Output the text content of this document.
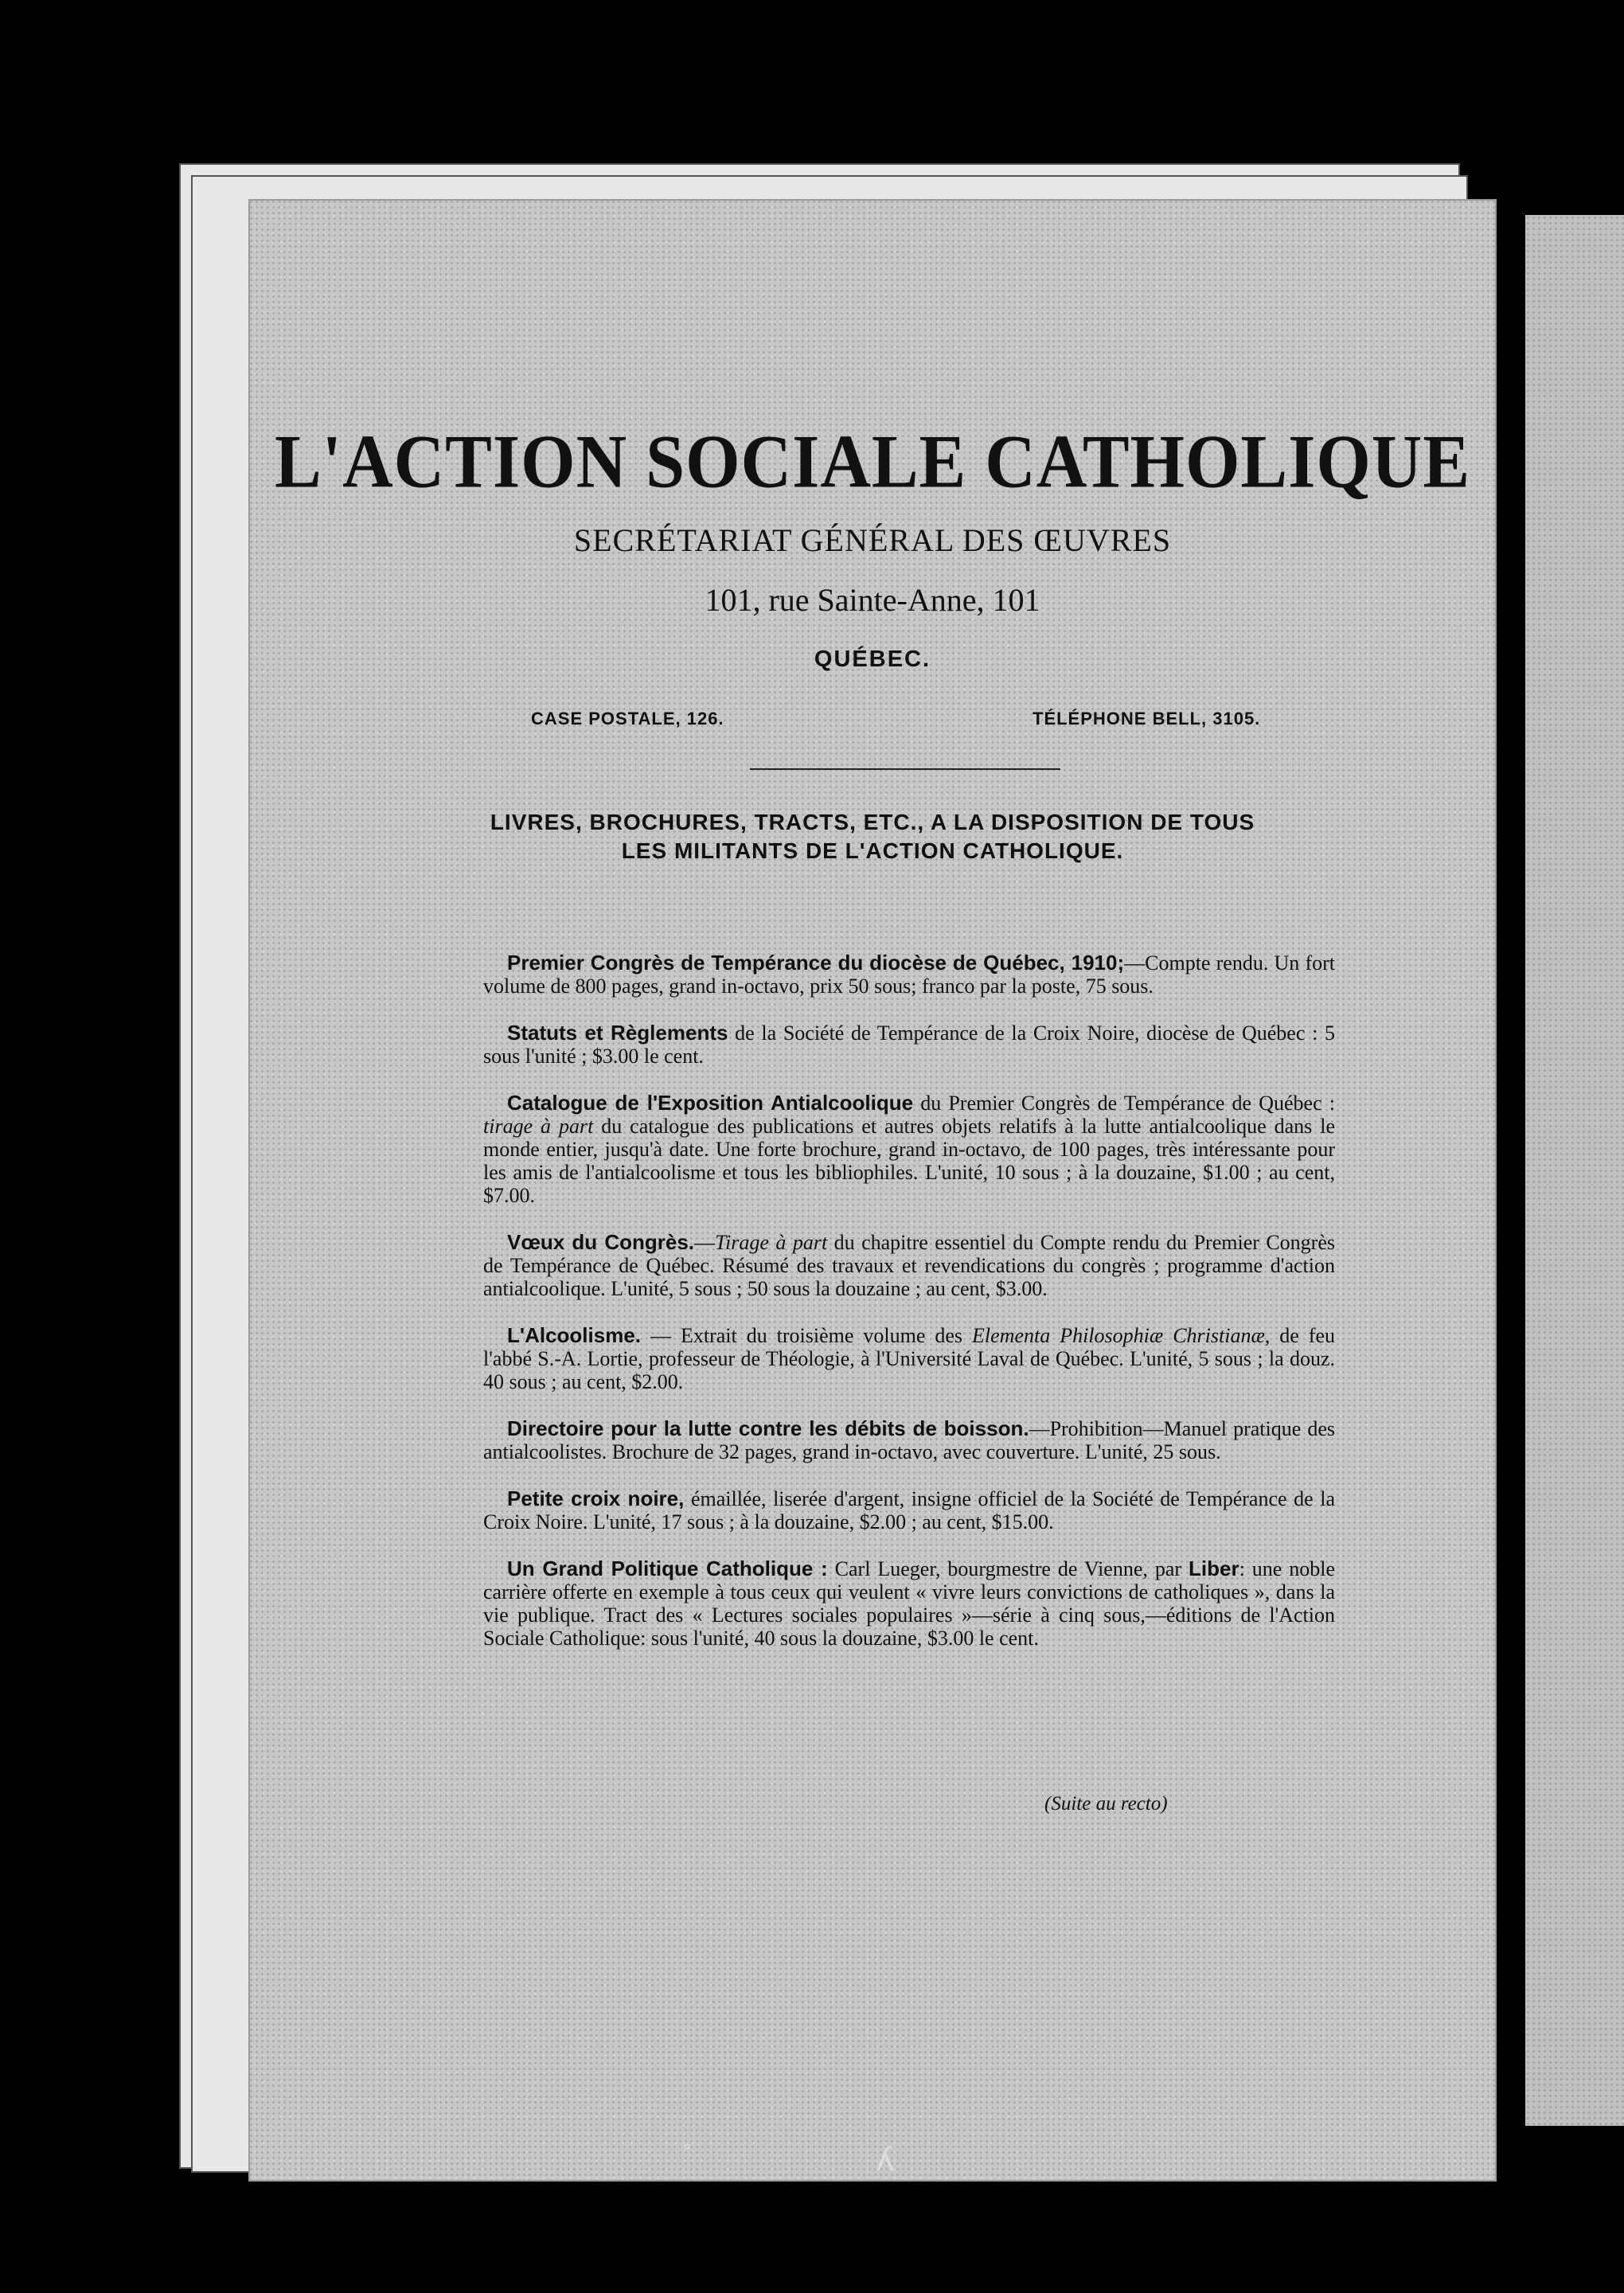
L'ACTION SOCIALE CATHOLIQUE
SECRÉTARIAT GÉNÉRAL DES ŒUVRES
101, rue Sainte-Anne, 101
QUÉBEC.
CASE POSTALE, 126.	TÉLÉPHONE BELL, 3105.
LIVRES, BROCHURES, TRACTS, ETC., A LA DISPOSITION DE TOUS
LES MILITANTS DE L'ACTION CATHOLIQUE.

Premier Congrès de Tempérance du diocèse de Québec, 1910;—Compte rendu. Un fort volume de 800 pages, grand in-octavo, prix 50 sous; franco par la poste, 75 sous.

Statuts et Règlements de la Société de Tempérance de la Croix Noire, diocèse de Québec : 5 sous l'unité ; $3.00 le cent.

Catalogue de l'Exposition Antialcoolique du Premier Congrès de Tempérance de Québec : tirage à part du catalogue des publications et autres objets relatifs à la lutte antialcoolique dans le monde entier, jusqu'à date. Une forte brochure, grand in-octavo, de 100 pages, très intéressante pour les amis de l'antialcoolisme et tous les bibliophiles. L'unité, 10 sous ; à la douzaine, $1.00 ; au cent, $7.00.

Vœux du Congrès.—Tirage à part du chapitre essentiel du Compte rendu du Premier Congrès de Tempérance de Québec. Résumé des travaux et revendications du congrès ; programme d'action antialcoolique. L'unité, 5 sous ; 50 sous la douzaine ; au cent, $3.00.

L'Alcoolisme. — Extrait du troisième volume des Elementa Philosophiæ Christianæ, de feu l'abbé S.-A. Lortie, professeur de Théologie, à l'Université Laval de Québec. L'unité, 5 sous ; la douz. 40 sous ; au cent, $2.00.

Directoire pour la lutte contre les débits de boisson.—Prohibition—Manuel pratique des antialcoolistes. Brochure de 32 pages, grand in-octavo, avec couverture. L'unité, 25 sous.

Petite croix noire, émaillée, liserée d'argent, insigne officiel de la Société de Tempérance de la Croix Noire. L'unité, 17 sous ; à la douzaine, $2.00 ; au cent, $15.00.

Un Grand Politique Catholique : Carl Lueger, bourgmestre de Vienne, par Liber: une noble carrière offerte en exemple à tous ceux qui veulent « vivre leurs convictions de catholiques », dans la vie publique. Tract des « Lectures sociales populaires »—série à cinq sous,—éditions de l'Action Sociale Catholique: sous l'unité, 40 sous la douzaine, $3.00 le cent.

(Suite au recto)
°	ʎ
